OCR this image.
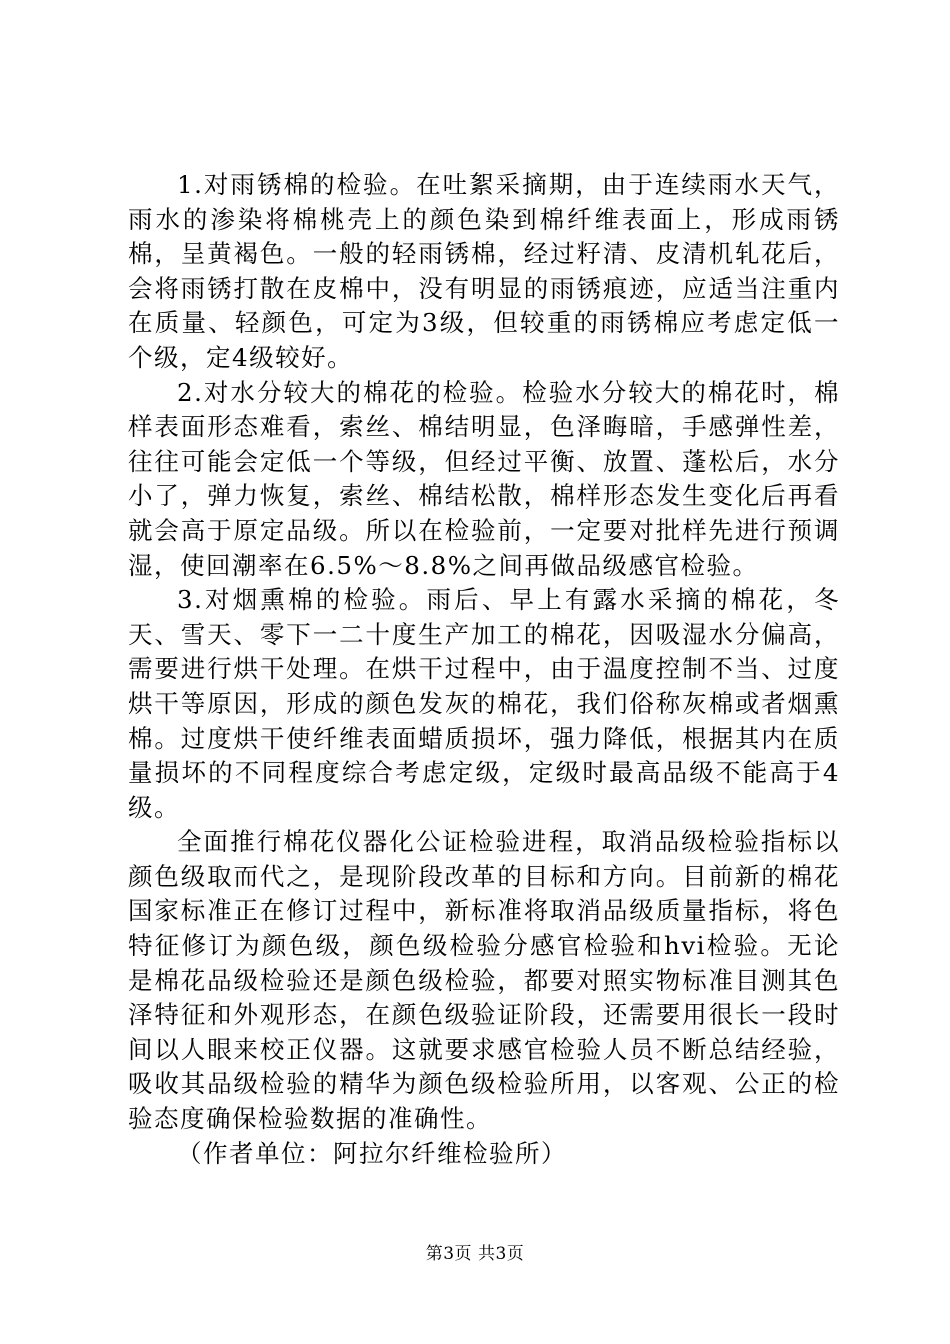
1.对雨锈棉的检验。在吐絮采摘期，由于连续雨水天气，雨水的渗染将棉桃壳上的颜色染到棉纤维表面上，形成雨锈棉，呈黄褐色。一般的轻雨锈棉，经过籽清、皮清机轧花后，会将雨锈打散在皮棉中，没有明显的雨锈痕迹，应适当注重内在质量、轻颜色，可定为3级，但较重的雨锈棉应考虑定低一个级，定4级较好。

2.对水分较大的棉花的检验。检验水分较大的棉花时，棉样表面形态难看，索丝、棉结明显，色泽晦暗，手感弹性差，往往可能会定低一个等级，但经过平衡、放置、蓬松后，水分小了，弹力恢复，索丝、棉结松散，棉样形态发生变化后再看就会高于原定品级。所以在检验前，一定要对批样先进行预调湿，使回潮率在6.5%～8.8%之间再做品级感官检验。

3.对烟熏棉的检验。雨后、早上有露水采摘的棉花，冬天、雪天、零下一二十度生产加工的棉花，因吸湿水分偏高，需要进行烘干处理。在烘干过程中，由于温度控制不当、过度烘干等原因，形成的颜色发灰的棉花，我们俗称灰棉或者烟熏棉。过度烘干使纤维表面蜡质损坏，强力降低，根据其内在质量损坏的不同程度综合考虑定级，定级时最高品级不能高于4级。

全面推行棉花仪器化公证检验进程，取消品级检验指标以颜色级取而代之，是现阶段改革的目标和方向。目前新的棉花国家标准正在修订过程中，新标准将取消品级质量指标，将色特征修订为颜色级，颜色级检验分感官检验和hvi检验。无论是棉花品级检验还是颜色级检验，都要对照实物标准目测其色泽特征和外观形态，在颜色级验证阶段，还需要用很长一段时间以人眼来校正仪器。这就要求感官检验人员不断总结经验，吸收其品级检验的精华为颜色级检验所用，以客观、公正的检验态度确保检验数据的准确性。

（作者单位：阿拉尔纤维检验所）

第3页 共3页
